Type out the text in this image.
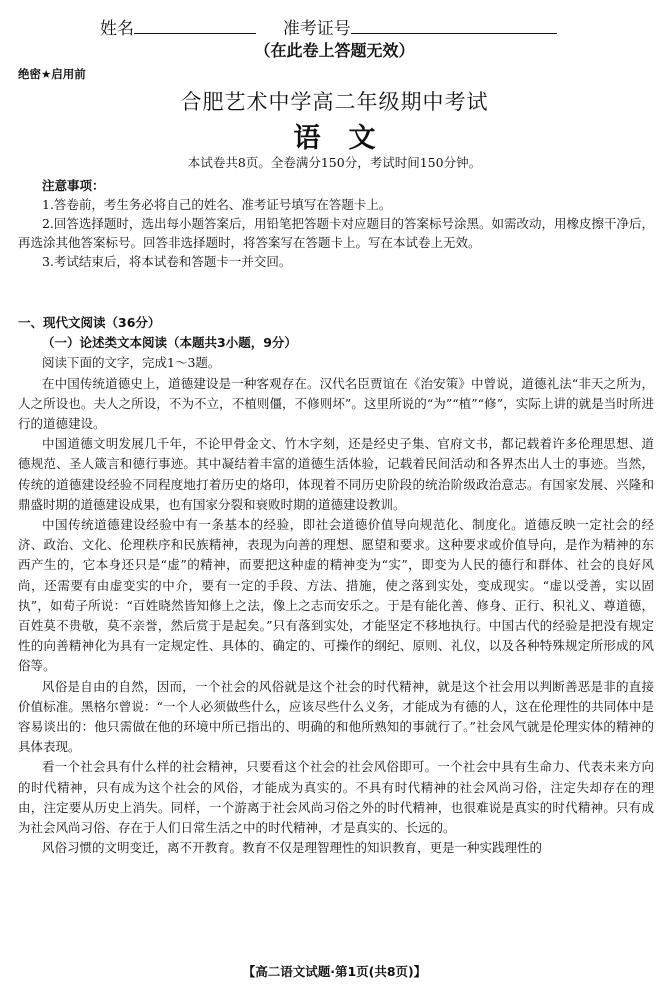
姓名	准考证号
（在此卷上答题无效）
绝密★启用前
合肥艺术中学高二年级期中考试
语文
本试卷共8页。全卷满分150分，考试时间150分钟。
注意事项：

1.答卷前，考生务必将自己的姓名、准考证号填写在答题卡上。

2.回答选择题时，选出每小题答案后，用铅笔把答题卡对应题目的答案标号涂黑。如需改动，用橡皮擦干净后，再选涂其他答案标号。回答非选择题时，将答案写在答题卡上。写在本试卷上无效。

3.考试结束后，将本试卷和答题卡一并交回。

一、现代文阅读（36分）
（一）论述类文本阅读（本题共3小题，9分）

阅读下面的文字，完成1～3题。

在中国传统道德史上，道德建设是一种客观存在。汉代名臣贾谊在《治安策》中曾说，道德礼法“非天之所为，人之所设也。夫人之所设，不为不立，不植则僵，不修则坏”。这里所说的“为”“植”“修”，实际上讲的就是当时所进行的道德建设。

中国道德文明发展几千年，不论甲骨金文、竹木字刻，还是经史子集、官府文书，都记载着许多伦理思想、道德规范、圣人箴言和德行事迹。其中凝结着丰富的道德生活体验，记载着民间活动和各界杰出人士的事迹。当然，传统的道德建设经验不同程度地打着历史的烙印，体现着不同历史阶段的统治阶级政治意志。有国家发展、兴隆和鼎盛时期的道德建设成果，也有国家分裂和衰败时期的道德建设教训。

中国传统道德建设经验中有一条基本的经验，即社会道德价值导向规范化、制度化。道德反映一定社会的经济、政治、文化、伦理秩序和民族精神，表现为向善的理想、愿望和要求。这种要求或价值导向，是作为精神的东西产生的，它本身还只是“虚”的精神，而要把这种虚的精神变为“实”，即变为人民的德行和群体、社会的良好风尚，还需要有由虚变实的中介，要有一定的手段、方法、措施，使之落到实处，变成现实。“虚以受善，实以固执”，如荀子所说：“百姓晓然皆知修上之法，像上之志而安乐之。于是有能化善、修身、正行、积礼义、尊道德，百姓莫不贵敬，莫不亲誉，然后赏于是起矣。”只有落到实处，才能坚定不移地执行。中国古代的经验是把没有规定性的向善精神化为具有一定规定性、具体的、确定的、可操作的纲纪、原则、礼仪，以及各种特殊规定所形成的风俗等。

风俗是自由的自然，因而，一个社会的风俗就是这个社会的时代精神，就是这个社会用以判断善恶是非的直接价值标准。黑格尔曾说：“一个人必须做些什么，应该尽些什么义务，才能成为有德的人，这在伦理性的共同体中是容易谈出的：他只需做在他的环境中所已指出的、明确的和他所熟知的事就行了。”社会风气就是伦理实体的精神的具体表现。

看一个社会具有什么样的社会精神，只要看这个社会的社会风俗即可。一个社会中具有生命力、代表未来方向的时代精神，只有成为这个社会的风俗，才能成为真实的。不具有时代精神的社会风尚习俗，注定失却存在的理由，注定要从历史上消失。同样，一个游离于社会风尚习俗之外的时代精神，也很难说是真实的时代精神。只有成为社会风尚习俗、存在于人们日常生活之中的时代精神，才是真实的、长远的。

风俗习惯的文明变迁，离不开教育。教育不仅是理智理性的知识教育，更是一种实践理性的

【高二语文试题·第1页(共8页)】
